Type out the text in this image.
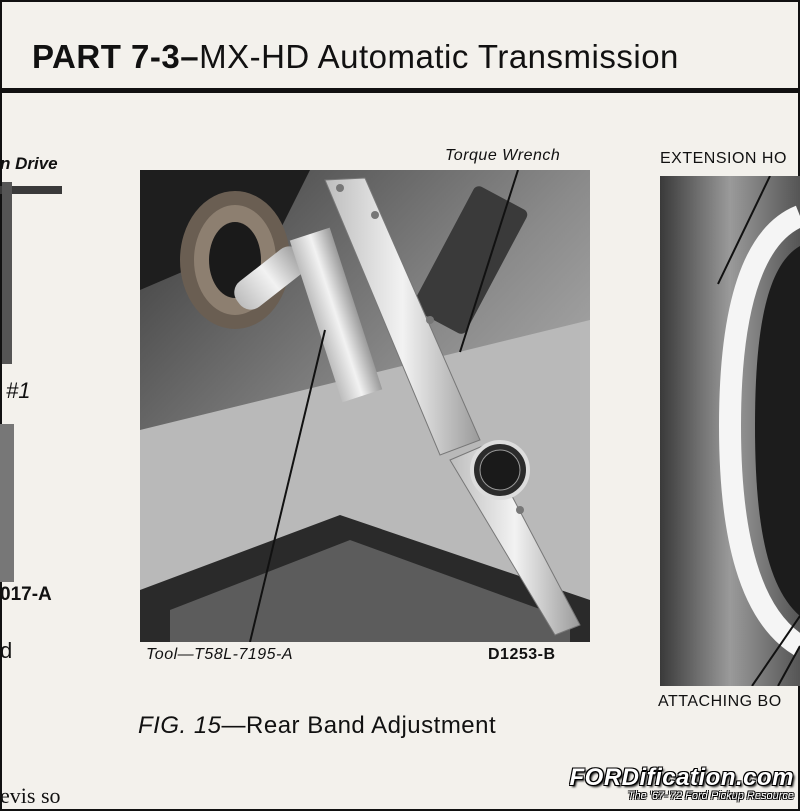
PART 7-3–MX-HD Automatic Transmission
n Drive
#1
017-A
d
evis so
Torque Wrench
Tool—T58L-7195-A	D1253-B
FIG. 15—Rear Band Adjustment
EXTENSION HO
ATTACHING BO
FORDification.com
The '67-'72 Ford Pickup Resource
